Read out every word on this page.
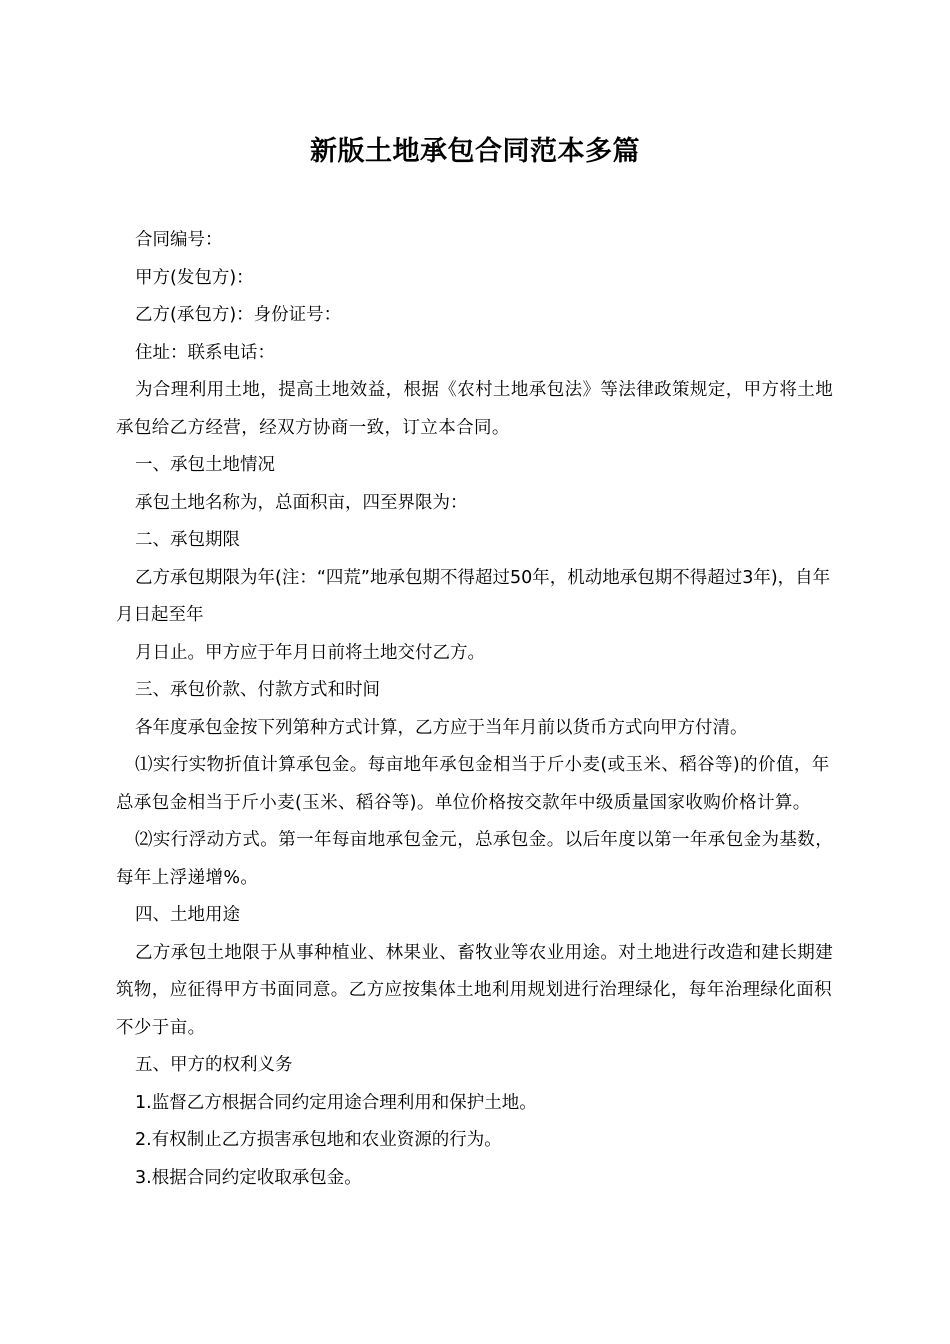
新版土地承包合同范本多篇

合同编号：

甲方(发包方)：

乙方(承包方)：身份证号：

住址：联系电话：

为合理利用土地，提高土地效益，根据《农村土地承包法》等法律政策规定，甲方将土地承包给乙方经营，经双方协商一致，订立本合同。

一、承包土地情况

承包土地名称为，总面积亩，四至界限为：

二、承包期限

乙方承包期限为年(注：“四荒”地承包期不得超过50年，机动地承包期不得超过3年)，自年月日起至年

月日止。甲方应于年月日前将土地交付乙方。

三、承包价款、付款方式和时间

各年度承包金按下列第种方式计算，乙方应于当年月前以货币方式向甲方付清。

⑴实行实物折值计算承包金。每亩地年承包金相当于斤小麦(或玉米、稻谷等)的价值，年总承包金相当于斤小麦(玉米、稻谷等)。单位价格按交款年中级质量国家收购价格计算。

⑵实行浮动方式。第一年每亩地承包金元，总承包金。以后年度以第一年承包金为基数，每年上浮递增%。

四、土地用途

乙方承包土地限于从事种植业、林果业、畜牧业等农业用途。对土地进行改造和建长期建筑物，应征得甲方书面同意。乙方应按集体土地利用规划进行治理绿化，每年治理绿化面积不少于亩。

五、甲方的权利义务

1.监督乙方根据合同约定用途合理利用和保护土地。

2.有权制止乙方损害承包地和农业资源的行为。

3.根据合同约定收取承包金。
